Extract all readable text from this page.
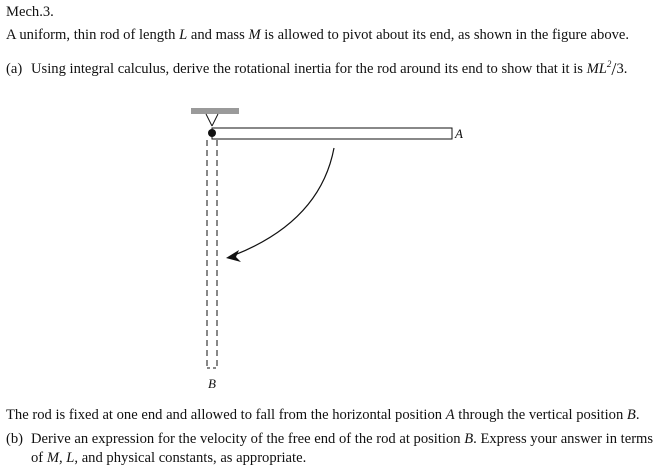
Mech.3.
A uniform, thin rod of length L and mass M is allowed to pivot about its end, as shown in the figure above.
(a) Using integral calculus, derive the rotational inertia for the rod around its end to show that it is $ML^2/3$.
A
B
The rod is fixed at one end and allowed to fall from the horizontal position A through the vertical position B.
(b) Derive an expression for the velocity of the free end of the rod at position B. Express your answer in terms
of M, L, and physical constants, as appropriate.
